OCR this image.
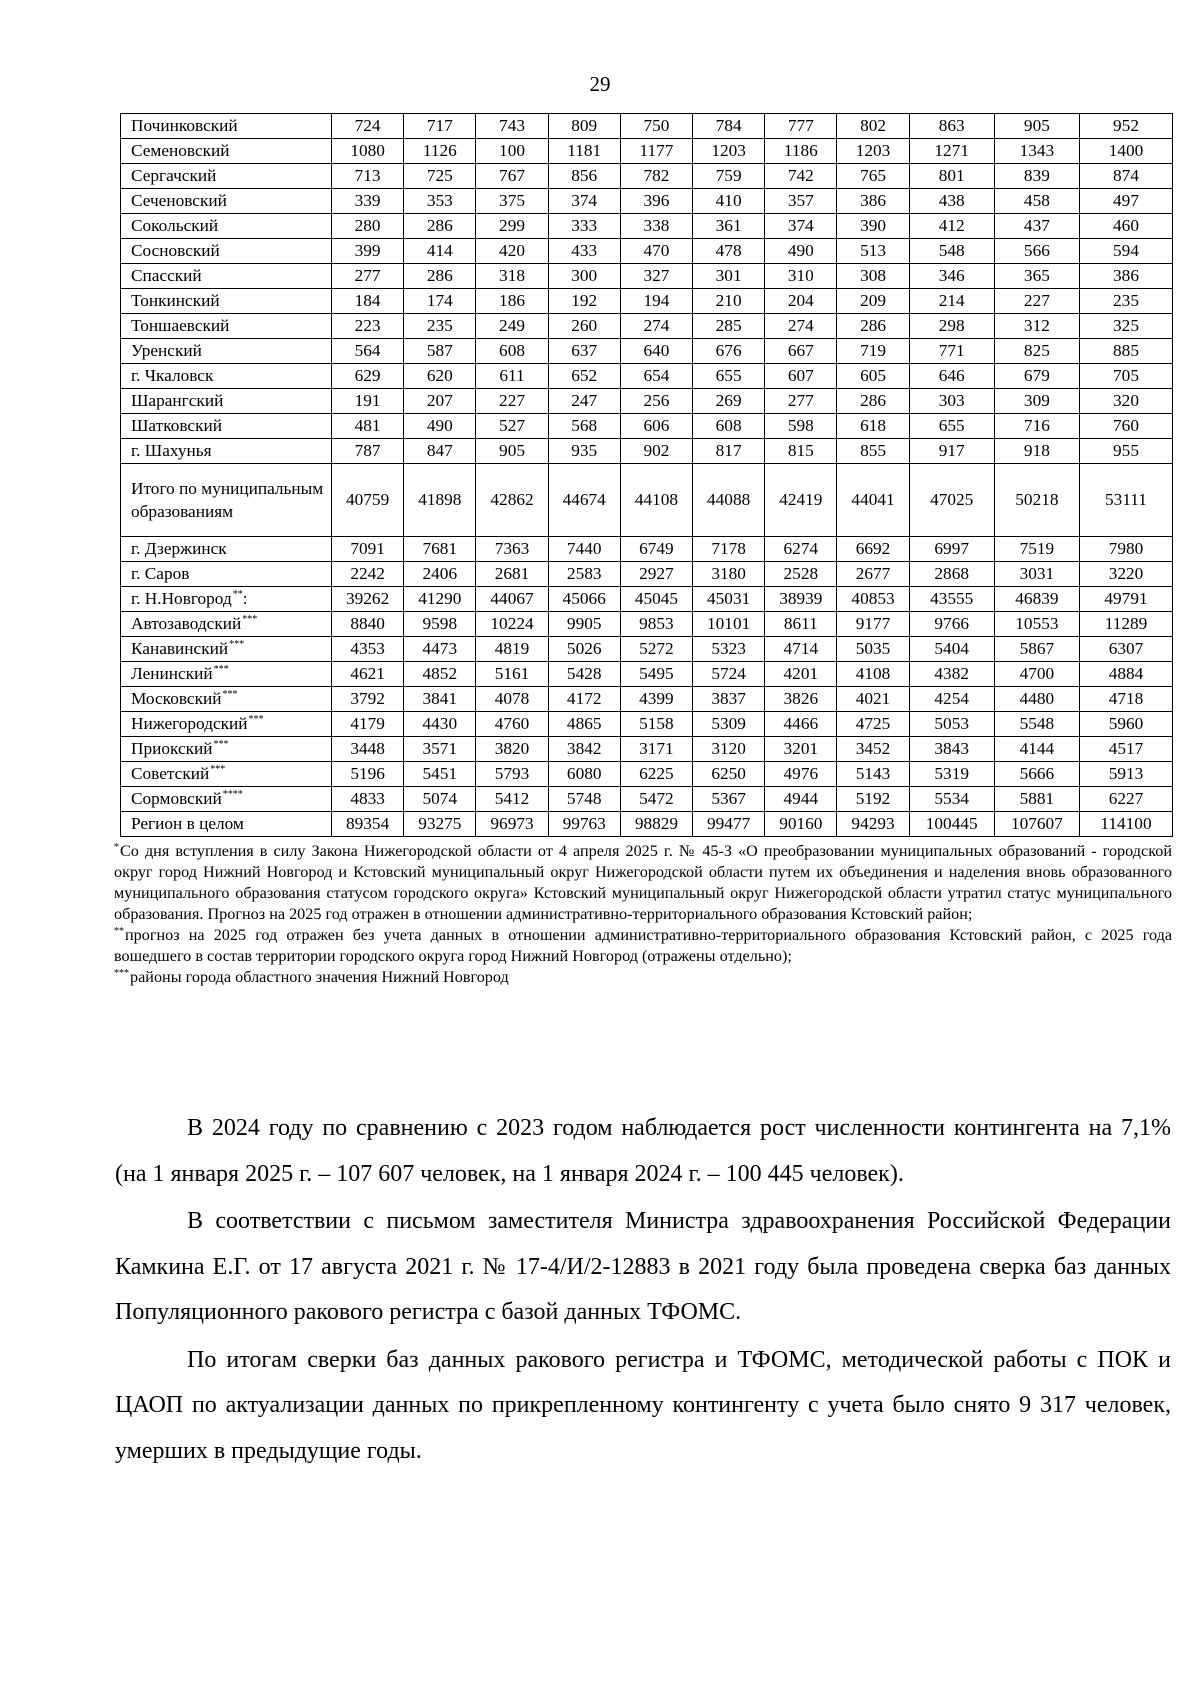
29
Починковский	724	717	743	809	750	784	777	802	863	905	952
Семеновский	1080	1126	100	1181	1177	1203	1186	1203	1271	1343	1400
Сергачский	713	725	767	856	782	759	742	765	801	839	874
Сеченовский	339	353	375	374	396	410	357	386	438	458	497
Сокольский	280	286	299	333	338	361	374	390	412	437	460
Сосновский	399	414	420	433	470	478	490	513	548	566	594
Спасский	277	286	318	300	327	301	310	308	346	365	386
Тонкинский	184	174	186	192	194	210	204	209	214	227	235
Тоншаевский	223	235	249	260	274	285	274	286	298	312	325
Уренский	564	587	608	637	640	676	667	719	771	825	885
г. Чкаловск	629	620	611	652	654	655	607	605	646	679	705
Шарангский	191	207	227	247	256	269	277	286	303	309	320
Шатковский	481	490	527	568	606	608	598	618	655	716	760
г. Шахунья	787	847	905	935	902	817	815	855	917	918	955
Итого по муниципальным образованиям	40759	41898	42862	44674	44108	44088	42419	44041	47025	50218	53111
г. Дзержинск	7091	7681	7363	7440	6749	7178	6274	6692	6997	7519	7980
г. Саров	2242	2406	2681	2583	2927	3180	2528	2677	2868	3031	3220
г. Н.Новгород**:	39262	41290	44067	45066	45045	45031	38939	40853	43555	46839	49791
Автозаводский***	8840	9598	10224	9905	9853	10101	8611	9177	9766	10553	11289
Канавинский***	4353	4473	4819	5026	5272	5323	4714	5035	5404	5867	6307
Ленинский***	4621	4852	5161	5428	5495	5724	4201	4108	4382	4700	4884
Московский***	3792	3841	4078	4172	4399	3837	3826	4021	4254	4480	4718
Нижегородский***	4179	4430	4760	4865	5158	5309	4466	4725	5053	5548	5960
Приокский***	3448	3571	3820	3842	3171	3120	3201	3452	3843	4144	4517
Советский***	5196	5451	5793	6080	6225	6250	4976	5143	5319	5666	5913
Сормовский****	4833	5074	5412	5748	5472	5367	4944	5192	5534	5881	6227
Регион в целом	89354	93275	96973	99763	98829	99477	90160	94293	100445	107607	114100

*Со дня вступления в силу Закона Нижегородской области от 4 апреля 2025 г. № 45-З «О преобразовании муниципальных образований - городской округ город Нижний Новгород и Кстовский муниципальный округ Нижегородской области путем их объединения и наделения вновь образованного муниципального образования статусом городского округа» Кстовский муниципальный округ Нижегородской области утратил статус муниципального образования. Прогноз на 2025 год отражен в отношении административно-территориального образования Кстовский район;

**прогноз на 2025 год отражен без учета данных в отношении административно-территориального образования Кстовский район, с 2025 года вошедшего в состав территории городского округа город Нижний Новгород (отражены отдельно);

***районы города областного значения Нижний Новгород

В 2024 году по сравнению с 2023 годом наблюдается рост численности контингента на 7,1% (на 1 января 2025 г. – 107 607 человек, на 1 января 2024 г. – 100 445 человек).

В соответствии с письмом заместителя Министра здравоохранения Российской Федерации Камкина Е.Г. от 17 августа 2021 г. № 17-4/И/2-12883 в 2021 году была проведена сверка баз данных Популяционного ракового регистра с базой данных ТФОМС.

По итогам сверки баз данных ракового регистра и ТФОМС, методической работы с ПОК и ЦАОП по актуализации данных по прикрепленному контингенту с учета было снято 9 317 человек, умерших в предыдущие годы.
